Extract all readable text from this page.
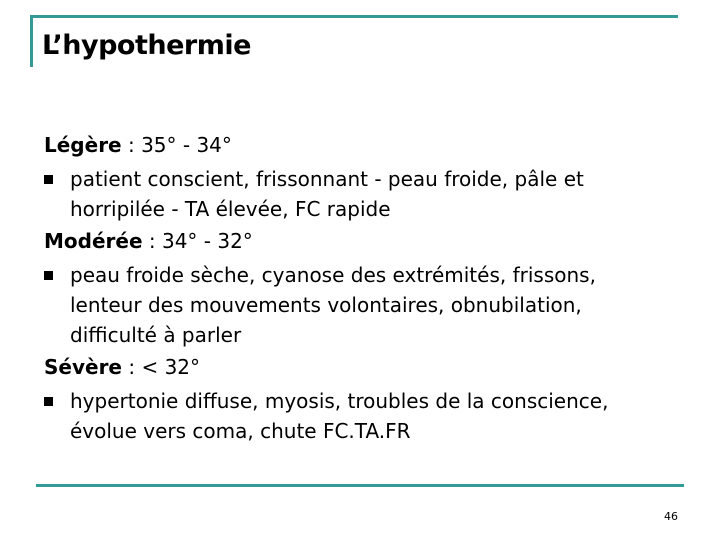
L’hypothermie

Légère : 35° - 34°

patient conscient, frissonnant - peau froide, pâle et
horripilée - TA élevée, FC rapide

Modérée : 34° - 32°

peau froide sèche, cyanose des extrémités, frissons,
lenteur des mouvements volontaires, obnubilation,
difficulté à parler

Sévère : < 32°

hypertonie diffuse, myosis, troubles de la conscience,
évolue vers coma, chute FC.TA.FR
46
